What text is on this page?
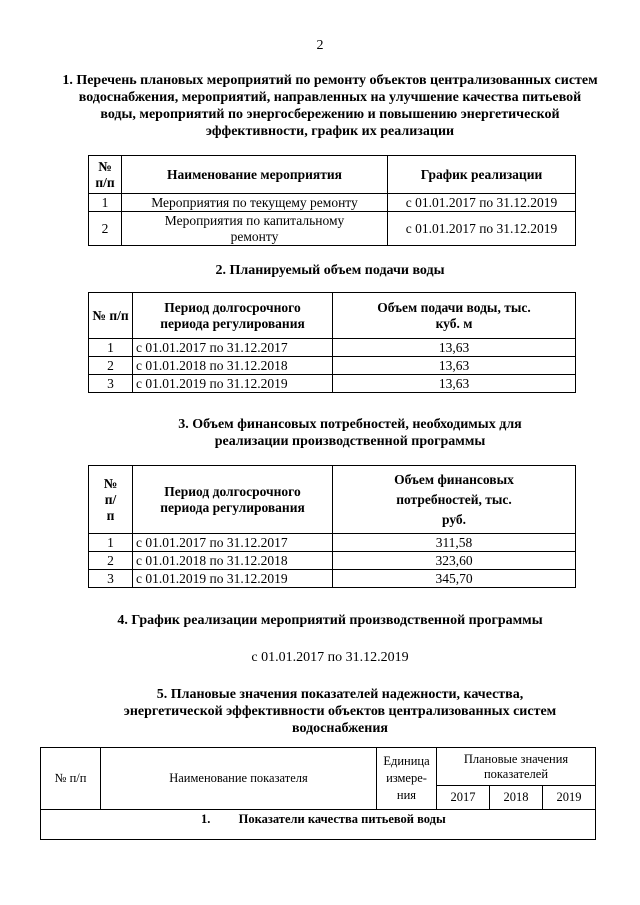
2
1. Перечень плановых мероприятий по ремонту объектов централизованных систем водоснабжения, мероприятий, направленных на улучшение качества питьевой воды, мероприятий по энергосбережению и повышению энергетической эффективности, график их реализации
№ п/п	Наименование мероприятия	График реализации
1	Мероприятия по текущему ремонту	с 01.01.2017 по 31.12.2019
2	Мероприятия по капитальному ремонту	с 01.01.2017 по 31.12.2019
2. Планируемый объем подачи воды
№ п/п	Период долгосрочного периода регулирования	Объем подачи воды, тыс. куб. м
1	с 01.01.2017 по 31.12.2017	13,63
2	с 01.01.2018 по 31.12.2018	13,63
3	с 01.01.2019 по 31.12.2019	13,63
3. Объем финансовых потребностей, необходимых для реализации производственной программы
№ п/п	Период долгосрочного периода регулирования	Объем финансовых потребностей, тыс. руб.
1	с 01.01.2017 по 31.12.2017	311,58
2	с 01.01.2018 по 31.12.2018	323,60
3	с 01.01.2019 по 31.12.2019	345,70
4. График реализации мероприятий производственной программы
с 01.01.2017 по 31.12.2019
5. Плановые значения показателей надежности, качества, энергетической эффективности объектов централизованных систем водоснабжения
№ п/п	Наименование показателя	Единица измере-ния	Плановые значения показателей		
			2017	2018	2019
1. Показатели качества питьевой воды					
